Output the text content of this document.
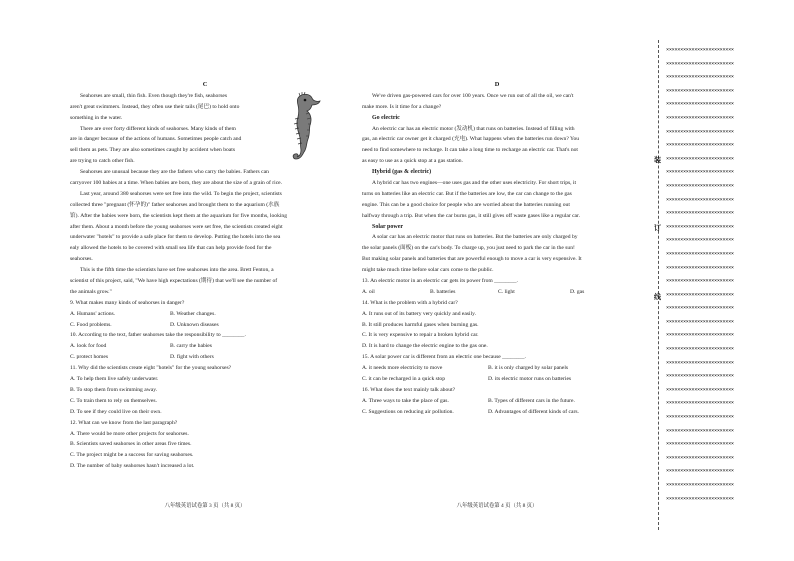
C

Seahorses are small, thin fish. Even though they're fish, seahorses

aren't great swimmers. Instead, they often use their tails (尾巴) to hold onto

something in the water.

There are over forty different kinds of seahorses. Many kinds of them

are in danger because of the actions of humans. Sometimes people catch and

sell them as pets. They are also sometimes caught by accident when boats

are trying to catch other fish.

Seahorses are unusual because they are the fathers who carry the babies. Fathers can

carryover 100 babies at a time. When babies are born, they are about the size of a grain of rice.

Last year, around 380 seahorses were set free into the wild. To begin the project, scientists

collected three "pregnant (怀孕的)" father seahorses and brought them to the aquarium (水族

馆). After the babies were born, the scientists kept them at the aquarium for five months, looking

after them. About a month before the young seahorses were set free, the scientists created eight

underwater "hotels" to provide a safe place for them to develop. Putting the hotels into the sea

ealy allowed the hotels to be covered with small sea life that can help provide food for the

seahorses.

This is the fifth time the scientists have set free seahorses into the area. Brett Fenton, a

scientist of this project, said, "We have high expectations (期待) that we'll see the number of

the animals grow."

9. What makes many kinds of seahorses in danger?

A. Humans' actions.	B. Weather changes.
C. Food problems.	D. Unknown diseases

10. According to the text, father seahorses take the responsibility to ________.

A. look for food	B. carry the babies
C. protect homes	D. fight with others

11. Why did the scientists create eight "hotels" for the young seahorses?

A. To help them live safely underwater.

B. To stop them from swimming away.

C. To train them to rely on themselves.

D. To see if they could live on their own.

12. What can we know from the last paragraph?

A. There would be more other projects for seahorses.

B. Scientists saved seahorses in other areas five times.

C. The project might be a success for saving seahorses.

D. The number of baby seahorses hasn't increased a lot.

D

We've driven gas-powered cars for over 100 years. Once we run out of all the oil, we can't

make more. Is it time for a change?

Go electric

An electric car has an electric motor (发动机) that runs on batteries. Instead of filling with

gas, an electric car owner get it charged (充电). What happens when the batteries run down? You

need to find somewhere to recharge. It can take a long time to recharge an electric car. That's not

as easy to use as a quick stop at a gas station.

Hybrid (gas & electric)

A hybrid car has two engines—one uses gas and the other uses electricity. For short trips, it

turns on batteries like an electric car. But if the batteries are low, the car can change to the gas

engine. This can be a good choice for people who are worried about the batteries running out

halfway through a trip. But when the car burns gas, it still gives off waste gases like a regular car.

Solar power

A solar car has an electric motor that runs on batteries. But the batteries are only charged by

the solar panels (面板) on the car's body. To charge up, you just need to park the car in the sun!

But making solar panels and batteries that are powerful enough to move a car is very expensive. It

might take much time before solar cars come to the public.

13. An electric motor in an electric car gets its power from ________.

A. oil	B. batteries	C. light	D. gas

14. What is the problem with a hybrid car?

A. It runs out of its battery very quickly and easily.

B. It still produces harmful gases when burning gas.

C. It is very expensive to repair a broken hybrid car.

D. It is hard to change the electric engine to the gas one.

15. A solar power car is different from an electric one because ________.

A. it needs more electricity to move	B. it is only charged by solar panels
C. it can be recharged in a quick stop	D. its electric motor runs on batteries

16. What does the text mainly talk about?

A. Three ways to take the place of gas.	B. Types of different cars in the future.
C. Suggestions on reducing air pollution.	D. Advantages of different kinds of cars.
八年级英语试卷第 3 页（共 8 页）	八年级英语试卷第 4 页（共 8 页）
装
订
线
××××××××××××××××××××××××
××××××××××××××××××××××××
××××××××××××××××××××××××
××××××××××××××××××××××××
××××××××××××××××××××××××
××××××××××××××××××××××××
××××××××××××××××××××××××
××××××××××××××××××××××××
××××××××××××××××××××××××
××××××××××××××××××××××××
××××××××××××××××××××××××
××××××××××××××××××××××××
××××××××××××××××××××××××
××××××××××××××××××××××××
××××××××××××××××××××××××
××××××××××××××××××××××××
××××××××××××××××××××××××
××××××××××××××××××××××××
××××××××××××××××××××××××
××××××××××××××××××××××××
××××××××××××××××××××××××
××××××××××××××××××××××××
××××××××××××××××××××××××
××××××××××××××××××××××××
××××××××××××××××××××××××
××××××××××××××××××××××××
××××××××××××××××××××××××
××××××××××××××××××××××××
××××××××××××××××××××××××
××××××××××××××××××××××××
××××××××××××××××××××××××
××××××××××××××××××××××××
××××××××××××××××××××××××
××××××××××××××××××××××××
